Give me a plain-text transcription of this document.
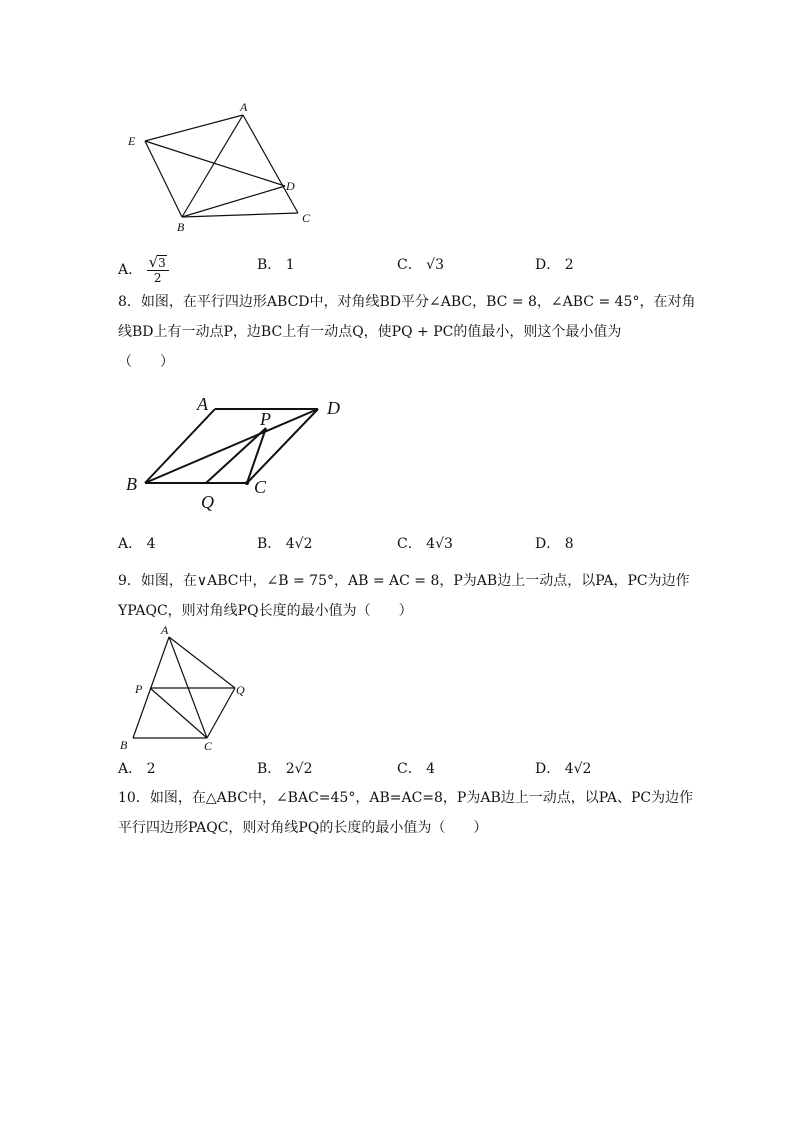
A
E
D
B
C
A． $\frac{√3}{2}$	B． 1	C． √3	D． 2
8．如图，在平行四边形ABCD中，对角线BD平分∠ABC，BC = 8，∠ABC = 45°，在对角
线BD上有一动点P，边BC上有一动点Q，使PQ + PC的值最小，则这个最小值为
（　　）
A
P
D
B
Q
C
A． 4	B． 4√2	C． 4√3	D． 8
9．如图，在∨ABC中，∠B = 75°，AB = AC = 8，P为AB边上一动点，以PA，PC为边作
YPAQC，则对角线PQ长度的最小值为（　　）
A
P	Q
B	C
A． 2	B． 2√2	C． 4	D． 4√2
10．如图，在△ABC中，∠BAC=45°，AB=AC=8，P为AB边上一动点，以PA、PC为边作
平行四边形PAQC，则对角线PQ的长度的最小值为（　　）
